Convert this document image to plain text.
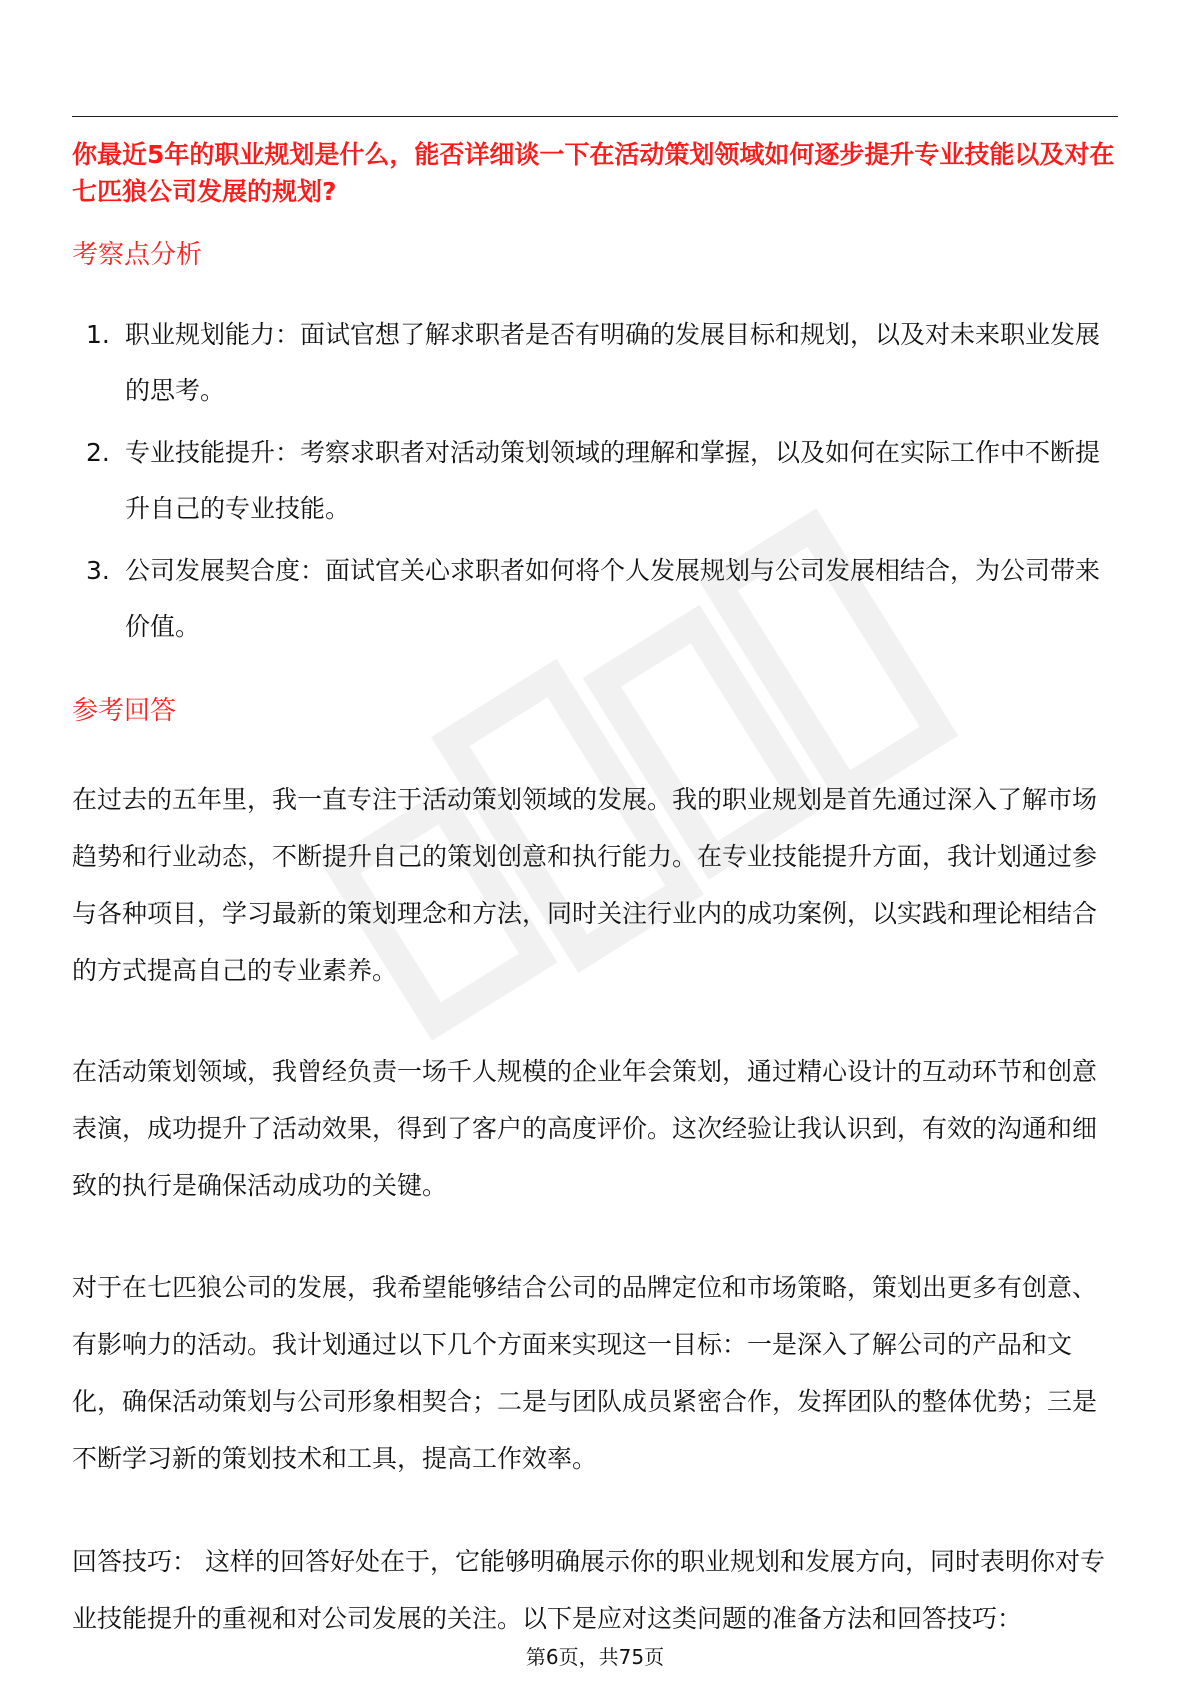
你最近5年的职业规划是什么，能否详细谈一下在活动策划领域如何逐步提升专业技能以及对在七匹狼公司发展的规划?

考察点分析
1. 职业规划能力：面试官想了解求职者是否有明确的发展目标和规划，以及对未来职业发展的思考。
2. 专业技能提升：考察求职者对活动策划领域的理解和掌握，以及如何在实际工作中不断提升自己的专业技能。
3. 公司发展契合度：面试官关心求职者如何将个人发展规划与公司发展相结合，为公司带来价值。
参考回答

在过去的五年里，我一直专注于活动策划领域的发展。我的职业规划是首先通过深入了解市场趋势和行业动态，不断提升自己的策划创意和执行能力。在专业技能提升方面，我计划通过参与各种项目，学习最新的策划理念和方法，同时关注行业内的成功案例，以实践和理论相结合的方式提高自己的专业素养。

在活动策划领域，我曾经负责一场千人规模的企业年会策划，通过精心设计的互动环节和创意表演，成功提升了活动效果，得到了客户的高度评价。这次经验让我认识到，有效的沟通和细致的执行是确保活动成功的关键。

对于在七匹狼公司的发展，我希望能够结合公司的品牌定位和市场策略，策划出更多有创意、有影响力的活动。我计划通过以下几个方面来实现这一目标：一是深入了解公司的产品和文化，确保活动策划与公司形象相契合；二是与团队成员紧密合作，发挥团队的整体优势；三是不断学习新的策划技术和工具，提高工作效率。

回答技巧： 这样的回答好处在于，它能够明确展示你的职业规划和发展方向，同时表明你对专业技能提升的重视和对公司发展的关注。以下是应对这类问题的准备方法和回答技巧：

第6页，共75页
